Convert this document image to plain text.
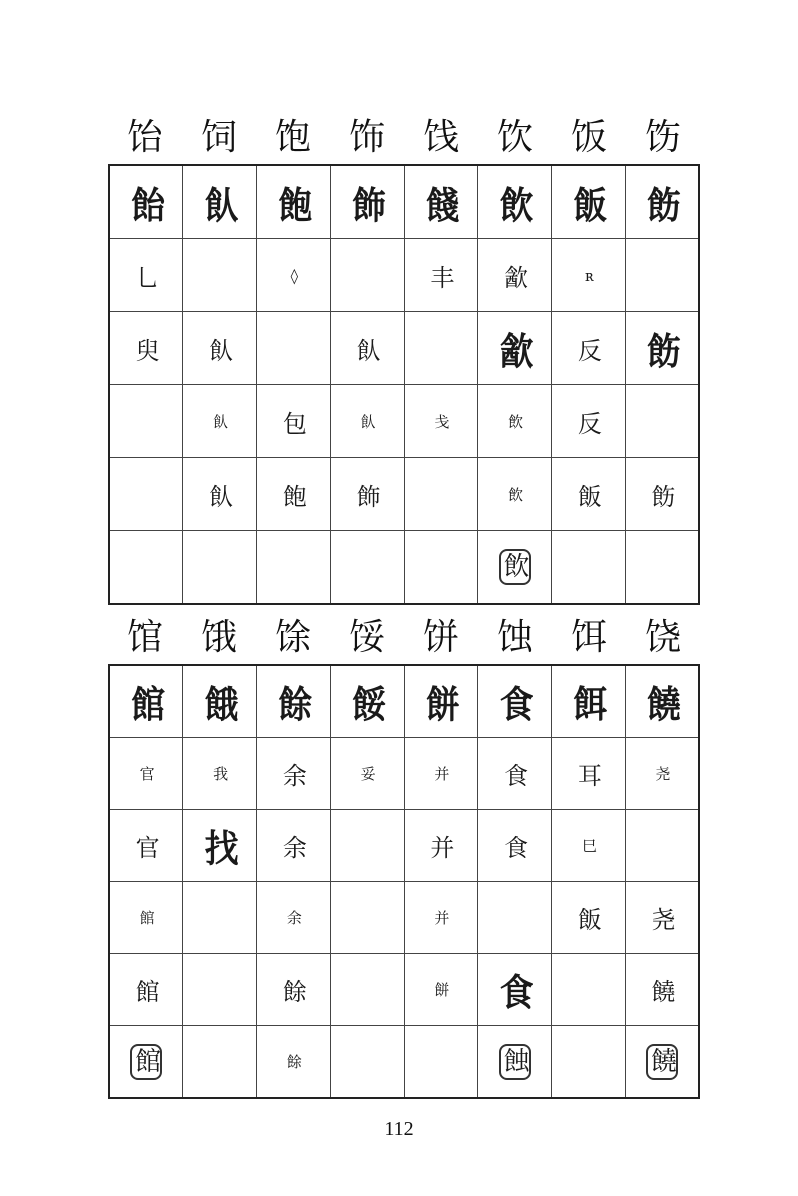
饴	饲	饱	饰	饯	饮	饭	饬
飴	飤	飽	飾	餞	飲	飯	飭
乚		◊		丰	㱃	ʀ	
臾	飤		飤		㱃	反	飭
	飤	包	飤	戋	飲	反	
	飤	飽	飾		飲	飯	飭
					飲		
馆	饿	馀	馁	饼	蚀	饵	饶
館	餓	餘	餒	餅	食	餌	饒
官	我	余	妥	并	食	耳	尧
官	找	余		并	食	巳	
館		余		并		飯	尧
館		餘		餅	食		饒
館		餘			蝕		饒
112
